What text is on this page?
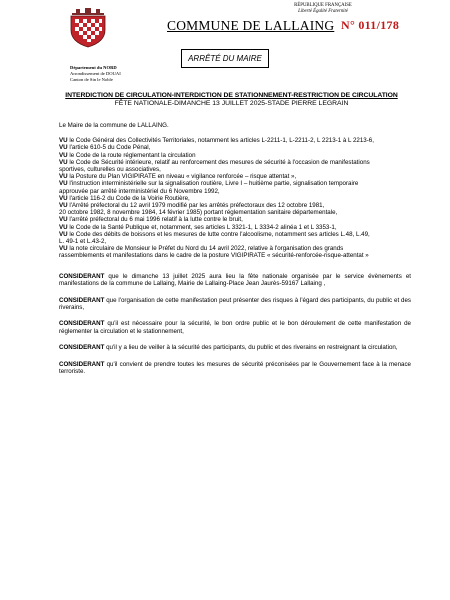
RÉPUBLIQUE FRANÇAISE
Liberté Égalité Fraternité
COMMUNE DE LALLAING N° 011/178
Département du NORD
Arrondissement de DOUAI
Canton de Sin le Noble
ARRÊTÉ DU MAIRE
INTERDICTION DE CIRCULATION-INTERDICTION DE STATIONNEMENT-RESTRICTION DE CIRCULATION
FÊTE NATIONALE-DIMANCHE 13 JUILLET 2025-STADE PIERRE LEGRAIN

Le Maire de la commune de LALLAING.

VU le Code Général des Collectivités Territoriales, notamment les articles L-2211-1, L-2211-2, L 2213-1 à L 2213-6,

VU l'article 610-5 du Code Pénal,

VU le Code de la route réglementant la circulation

VU le Code de Sécurité intérieure, relatif au renforcement des mesures de sécurité à l'occasion de manifestations

sportives, culturelles ou associatives,

VU la Posture du Plan VIGIPIRATE en niveau « vigilance renforcée – risque attentat »,

VU l'instruction interministérielle sur la signalisation routière, Livre I – huitième partie, signalisation temporaire

approuvée par arrêté interministériel du 6 Novembre 1992,

VU l'article 116-2 du Code de la Voirie Routière,

VU l'Arrêté préfectoral du 12 avril 1979 modifié par les arrêtés préfectoraux des 12 octobre 1981,

20 octobre 1982, 8 novembre 1984, 14 février 1985) portant réglementation sanitaire départementale,

VU l'arrêté préfectoral du 6 mai 1996 relatif à la lutte contre le bruit,

VU le Code de la Santé Publique et, notamment, ses articles L 3321-1, L 3334-2 alinéa 1 et L 3353-1,

VU le Code des débits de boissons et les mesures de lutte contre l'alcoolisme, notamment ses articles L.48, L.49,

L. 49-1 et L.43-2,

VU la note circulaire de Monsieur le Préfet du Nord du 14 avril 2022, relative à l'organisation des grands

rassemblements et manifestations dans le cadre de la posture VIGIPIRATE « sécurité-renforcée-risque-attentat »

CONSIDERANT que le dimanche 13 juillet 2025 aura lieu la fête nationale organisée par le service évènements et manifestations de la commune de Lallaing, Mairie de Lallaing-Place Jean Jaurès-59167 Lallaing ,

CONSIDERANT que l'organisation de cette manifestation peut présenter des risques à l'égard des participants, du public et des riverains,

CONSIDERANT qu'il est nécessaire pour la sécurité, le bon ordre public et le bon déroulement de cette manifestation de réglementer la circulation et le stationnement,

CONSIDERANT qu'il y a lieu de veiller à la sécurité des participants, du public et des riverains en restreignant la circulation,

CONSIDERANT qu'il convient de prendre toutes les mesures de sécurité préconisées par le Gouvernement face à la menace terroriste.
